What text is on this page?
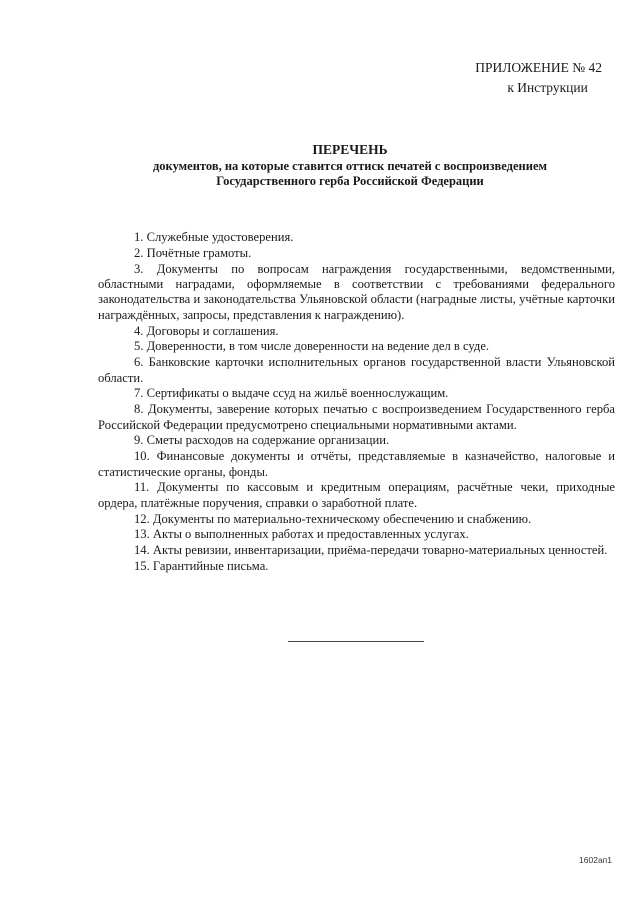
ПРИЛОЖЕНИЕ № 42
к Инструкции
ПЕРЕЧЕНЬ
документов, на которые ставится оттиск печатей с воспроизведением
Государственного герба Российской Федерации

1. Служебные удостоверения.

2. Почётные грамоты.

3. Документы по вопросам награждения государственными, ведомственными, областными наградами, оформляемые в соответствии с требованиями федерального законодательства и законодательства Ульяновской области (наградные листы, учётные карточки награждённых, запросы, представления к награждению).

4. Договоры и соглашения.

5. Доверенности, в том числе доверенности на ведение дел в суде.

6. Банковские карточки исполнительных органов государственной власти Ульяновской области.

7. Сертификаты о выдаче ссуд на жильё военнослужащим.

8. Документы, заверение которых печатью с воспроизведением Государственного герба Российской Федерации предусмотрено специальными нормативными актами.

9. Сметы расходов на содержание организации.

10. Финансовые документы и отчёты, представляемые в казначейство, налоговые и статистические органы, фонды.

11. Документы по кассовым и кредитным операциям, расчётные чеки, приходные ордера, платёжные поручения, справки о заработной плате.

12. Документы по материально-техническому обеспечению и снабжению.

13. Акты о выполненных работах и предоставленных услугах.

14. Акты ревизии, инвентаризации, приёма-передачи товарно-материальных ценностей.

15. Гарантийные письма.

1602ап1
